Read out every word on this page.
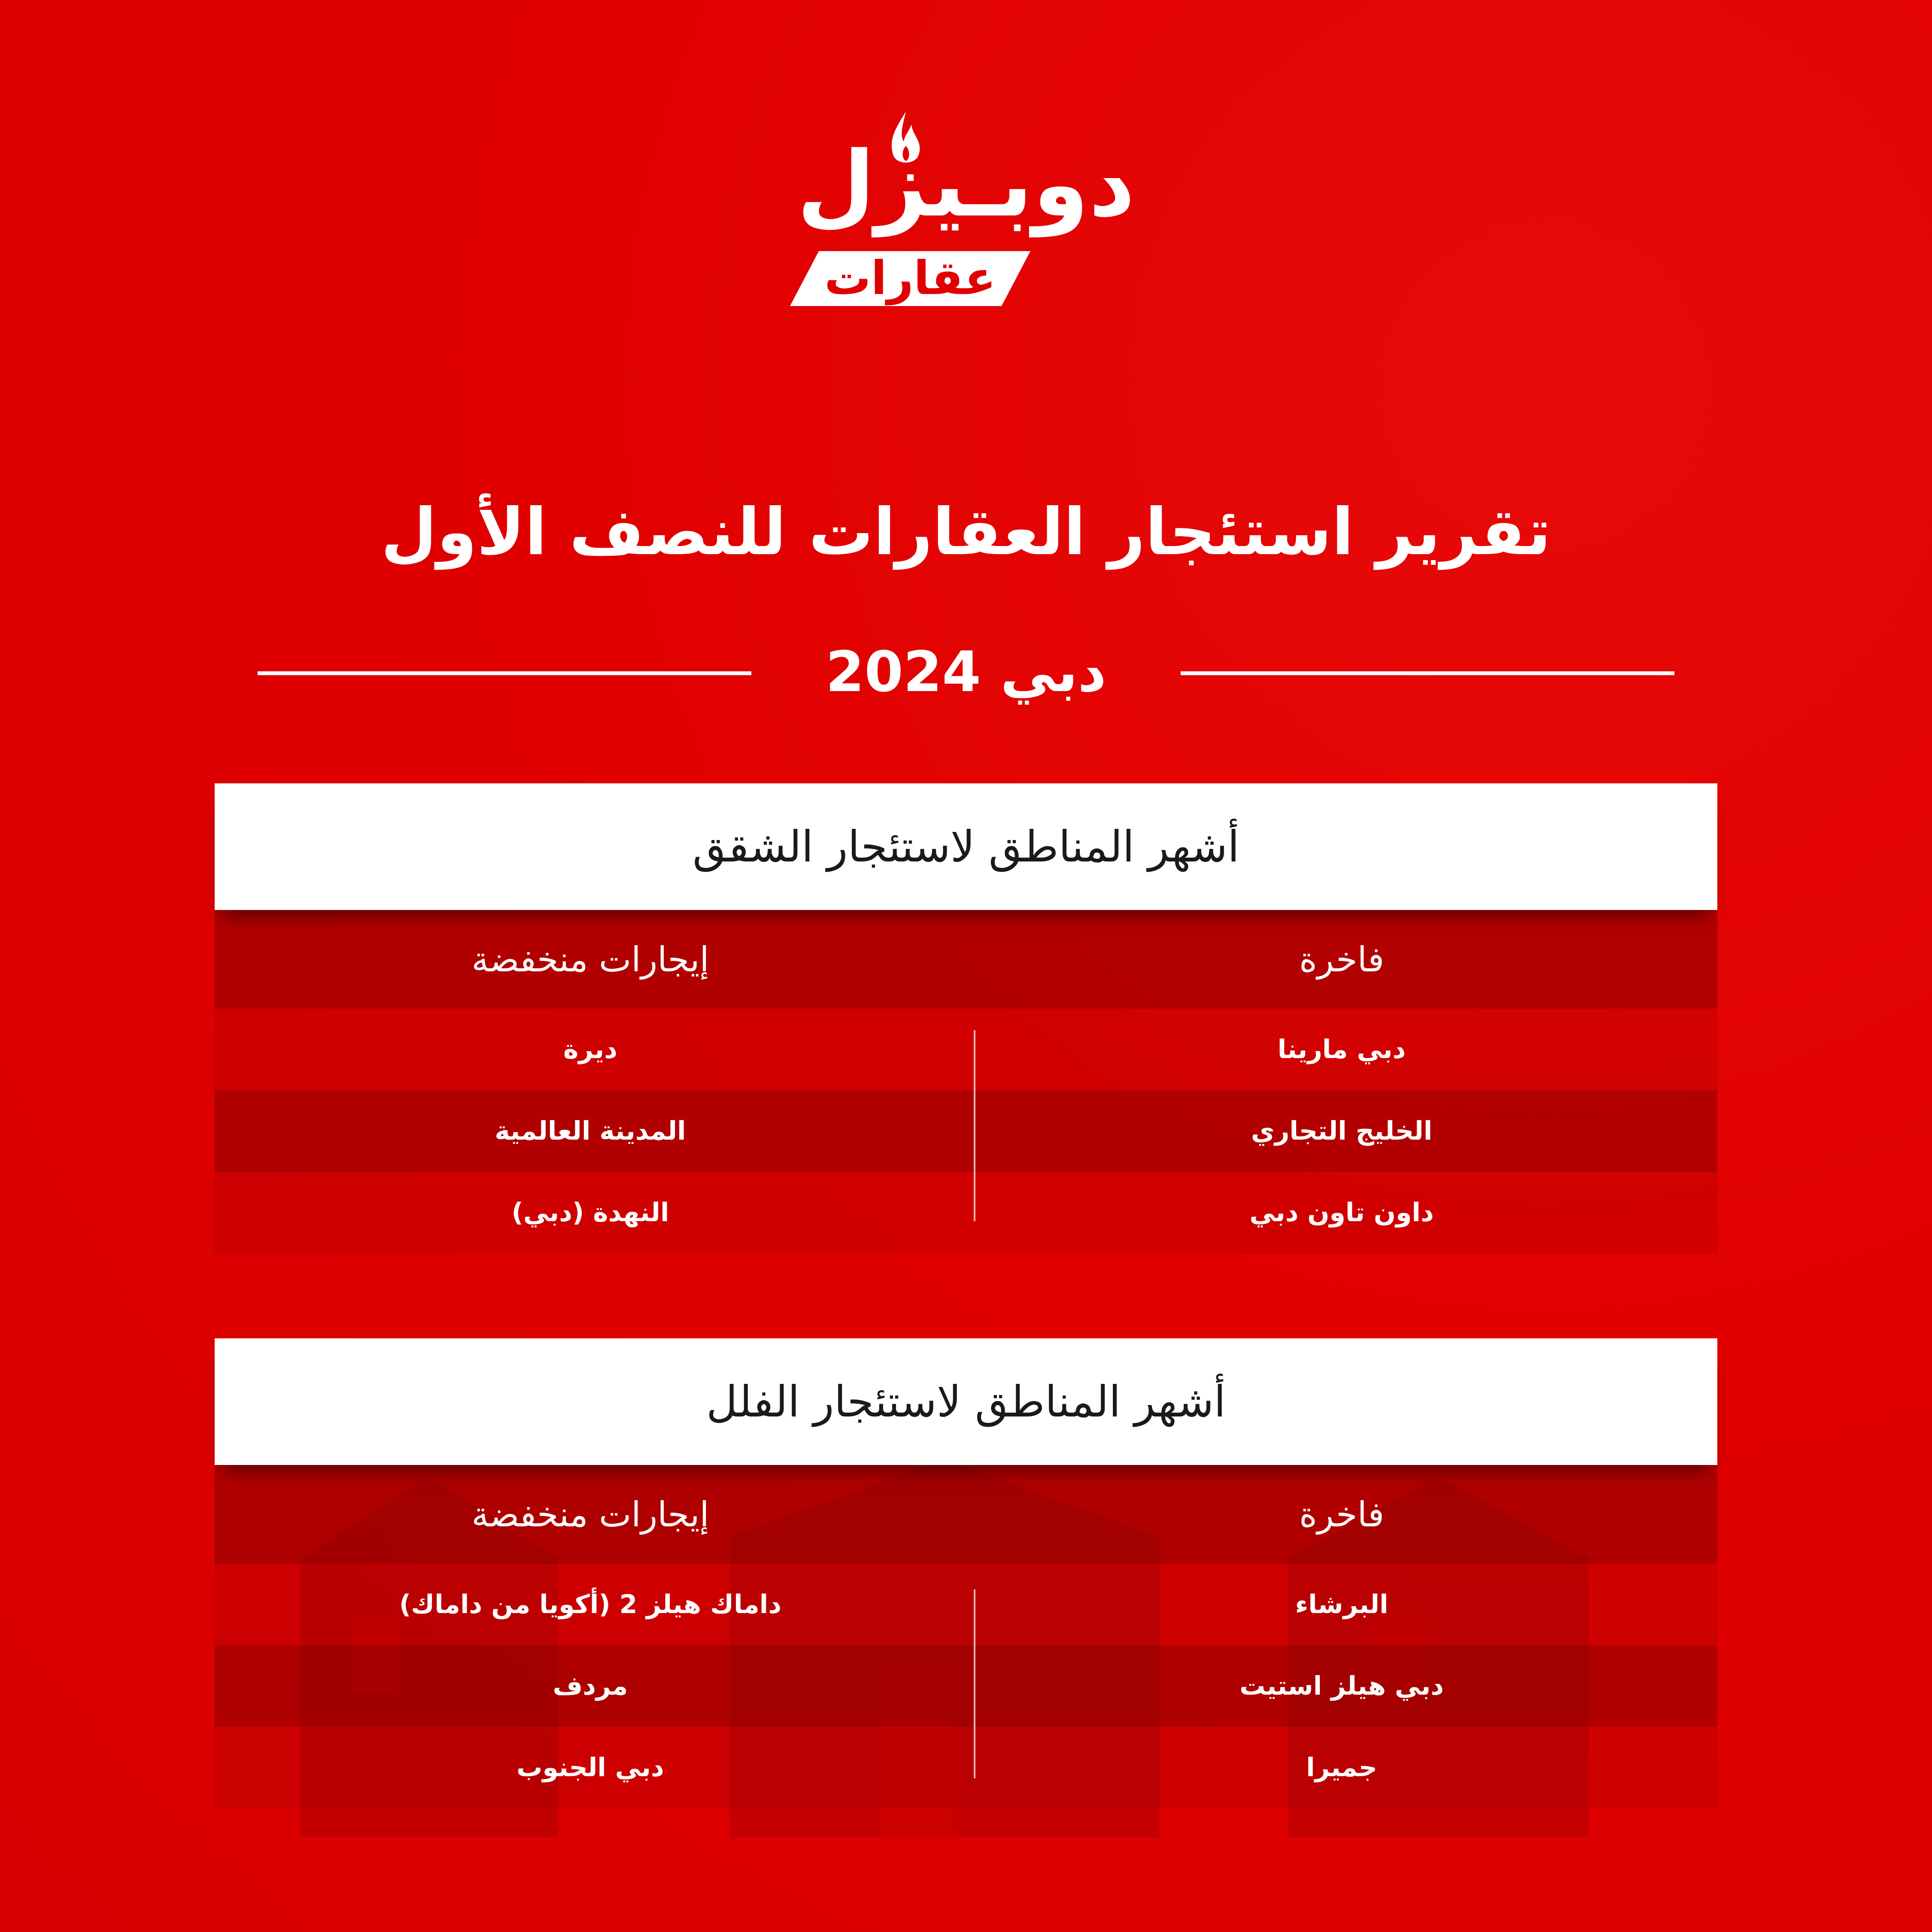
دوبـيزل
عقارات
تقرير استئجار العقارات للنصف الأول
دبي 2024
أشهر المناطق لاستئجار الشقق
فاخرة
إيجارات منخفضة
دبي مارينا
ديرة
الخليج التجاري
المدينة العالمية
داون تاون دبي
النهدة (دبي)
أشهر المناطق لاستئجار الفلل
فاخرة
إيجارات منخفضة
البرشاء
داماك هيلز 2 (أكويا من داماك)
دبي هيلز استيت
مردف
جميرا
دبي الجنوب
